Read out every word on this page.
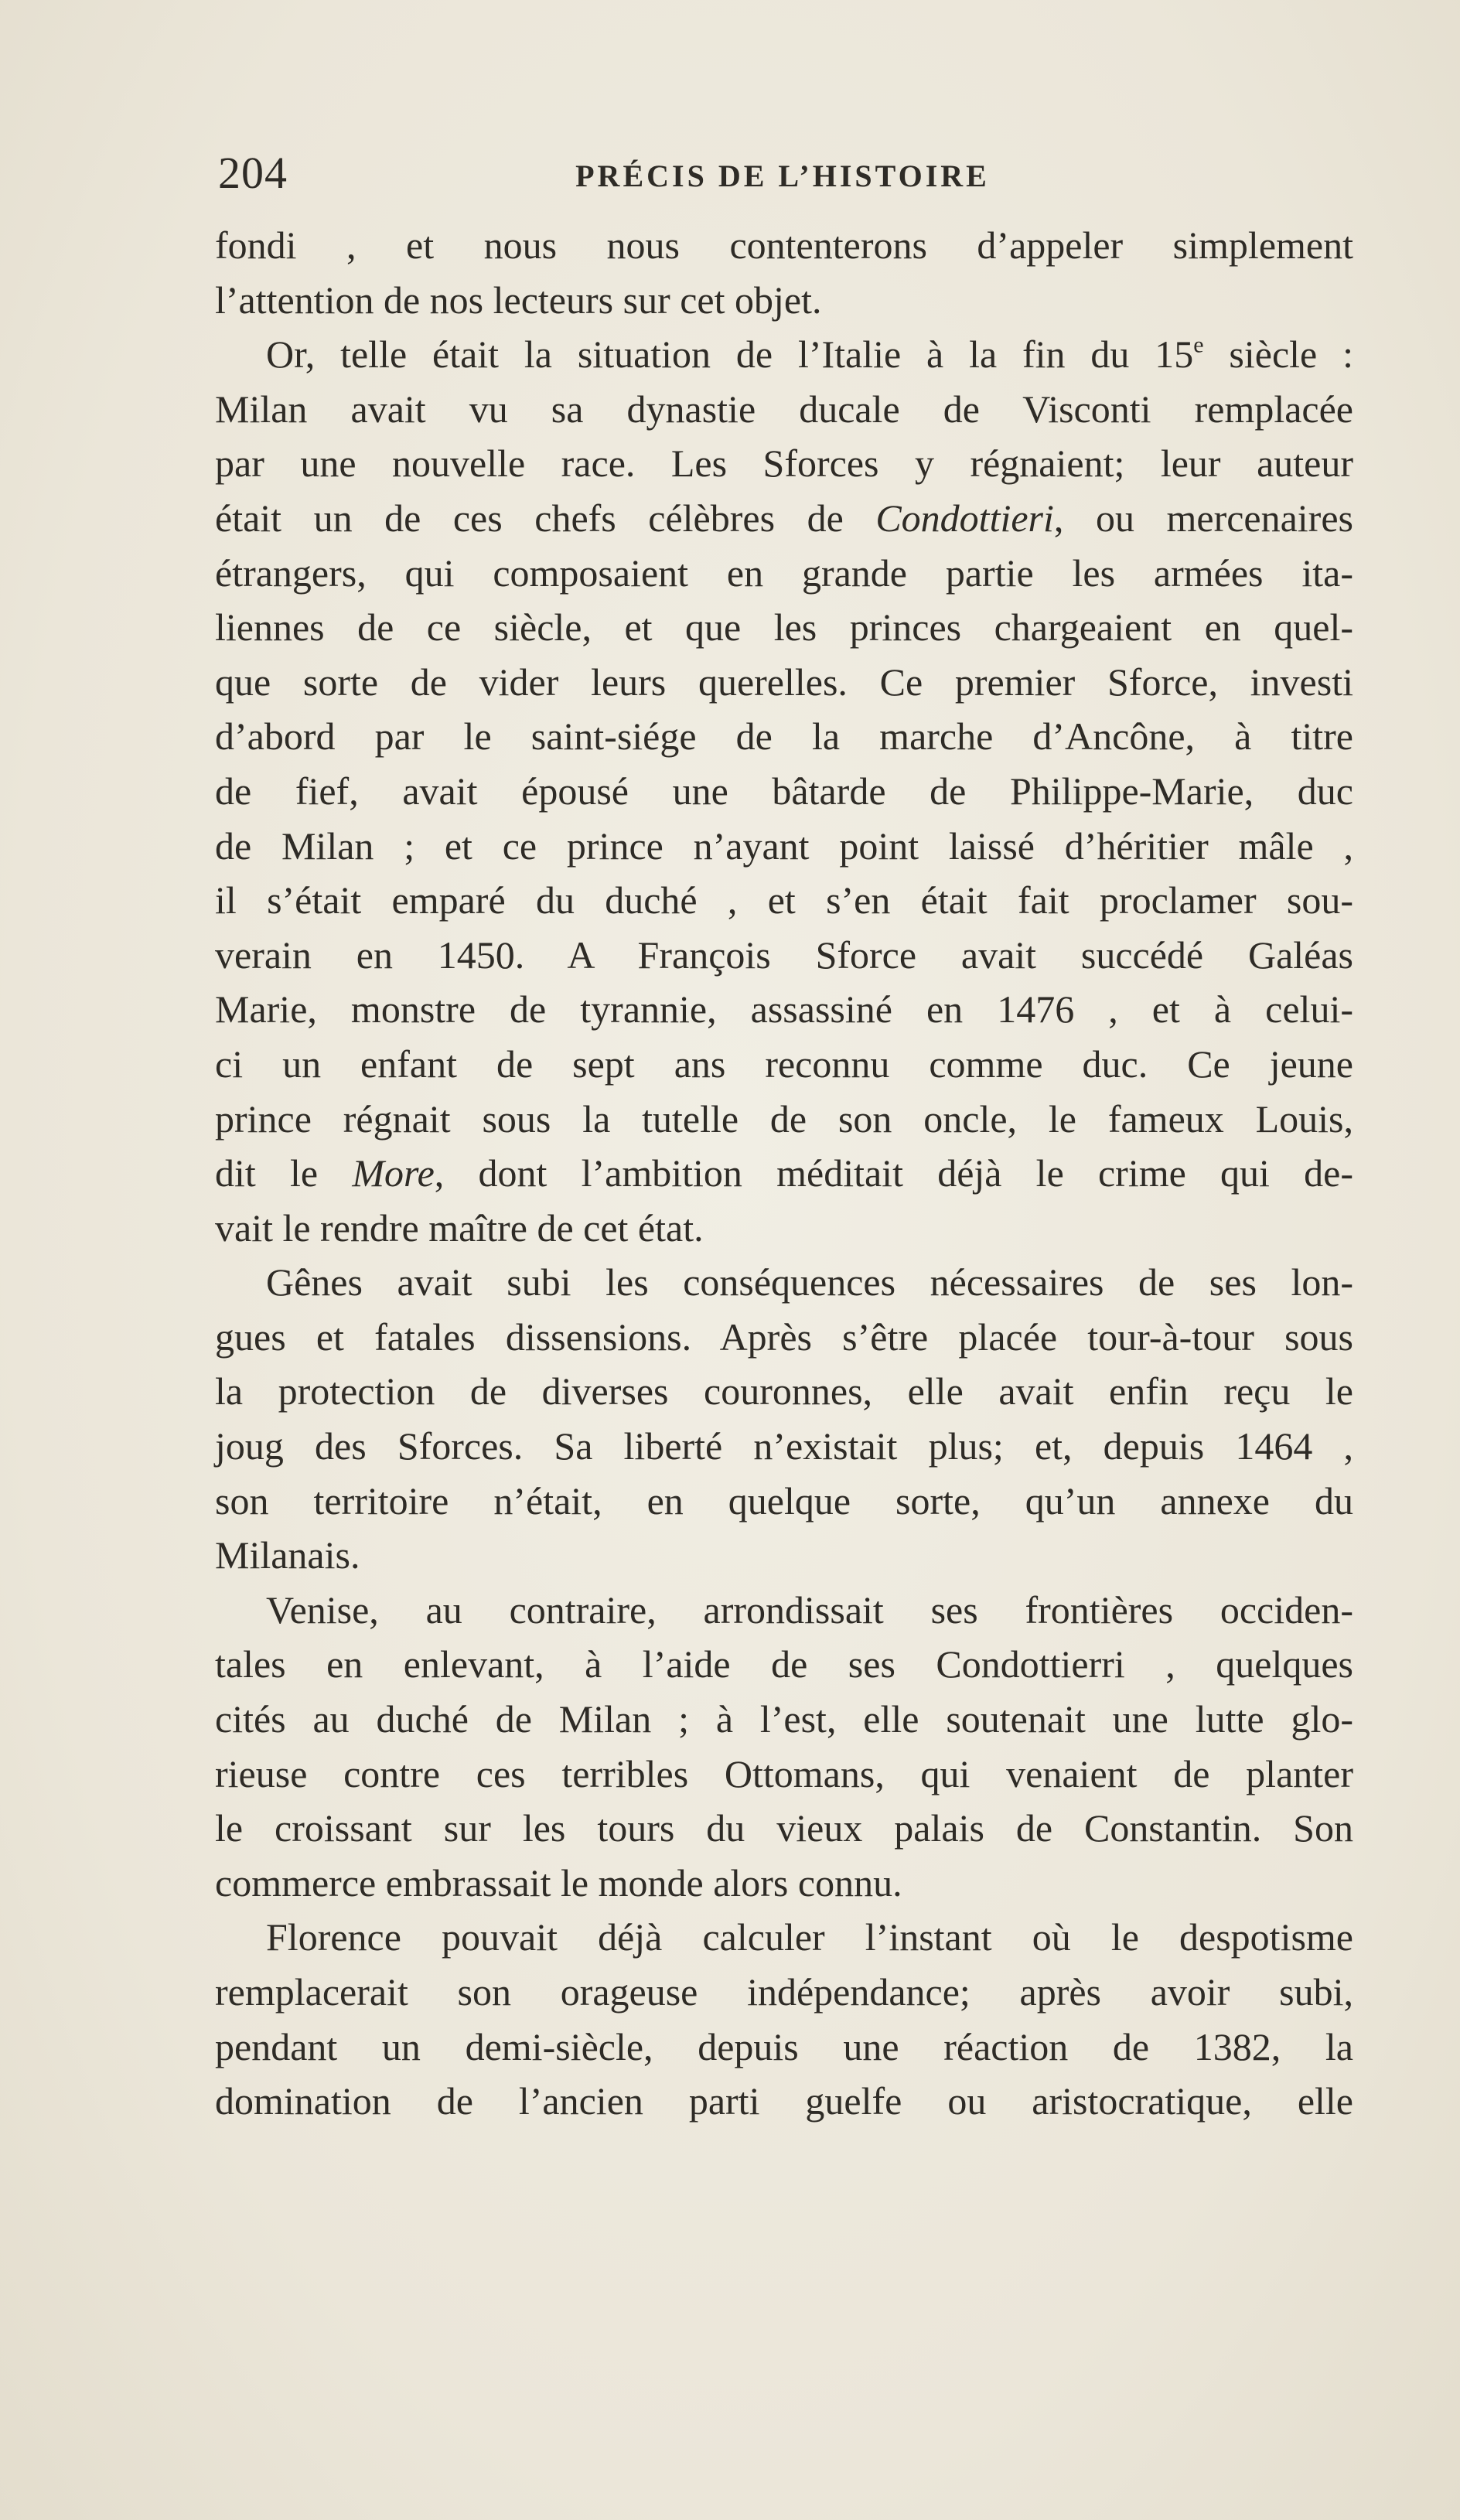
204	PRÉCIS DE L’HISTOIRE

fondi , et nous nous contenterons d’appeler simplement
l’attention de nos lecteurs sur cet objet.

Or, telle était la situation de l’Italie à la fin du 15e siècle :
Milan avait vu sa dynastie ducale de Visconti remplacée
par une nouvelle race. Les Sforces y régnaient; leur auteur
était un de ces chefs célèbres de Condottieri, ou mercenaires
étrangers, qui composaient en grande partie les armées ita-
liennes de ce siècle, et que les princes chargeaient en quel-
que sorte de vider leurs querelles. Ce premier Sforce, investi
d’abord par le saint-siége de la marche d’Ancône, à titre
de fief, avait épousé une bâtarde de Philippe-Marie, duc
de Milan ; et ce prince n’ayant point laissé d’héritier mâle ,
il s’était emparé du duché , et s’en était fait proclamer sou-
verain en 1450. A François Sforce avait succédé Galéas
Marie, monstre de tyrannie, assassiné en 1476 , et à celui-
ci un enfant de sept ans reconnu comme duc. Ce jeune
prince régnait sous la tutelle de son oncle, le fameux Louis,
dit le More, dont l’ambition méditait déjà le crime qui de-
vait le rendre maître de cet état.

Gênes avait subi les conséquences nécessaires de ses lon-
gues et fatales dissensions. Après s’être placée tour-à-tour sous
la protection de diverses couronnes, elle avait enfin reçu le
joug des Sforces. Sa liberté n’existait plus; et, depuis 1464 ,
son territoire n’était, en quelque sorte, qu’un annexe du
Milanais.

Venise, au contraire, arrondissait ses frontières occiden-
tales en enlevant, à l’aide de ses Condottierri , quelques
cités au duché de Milan ; à l’est, elle soutenait une lutte glo-
rieuse contre ces terribles Ottomans, qui venaient de planter
le croissant sur les tours du vieux palais de Constantin. Son
commerce embrassait le monde alors connu.

Florence pouvait déjà calculer l’instant où le despotisme
remplacerait son orageuse indépendance; après avoir subi,
pendant un demi-siècle, depuis une réaction de 1382, la
domination de l’ancien parti guelfe ou aristocratique, elle
